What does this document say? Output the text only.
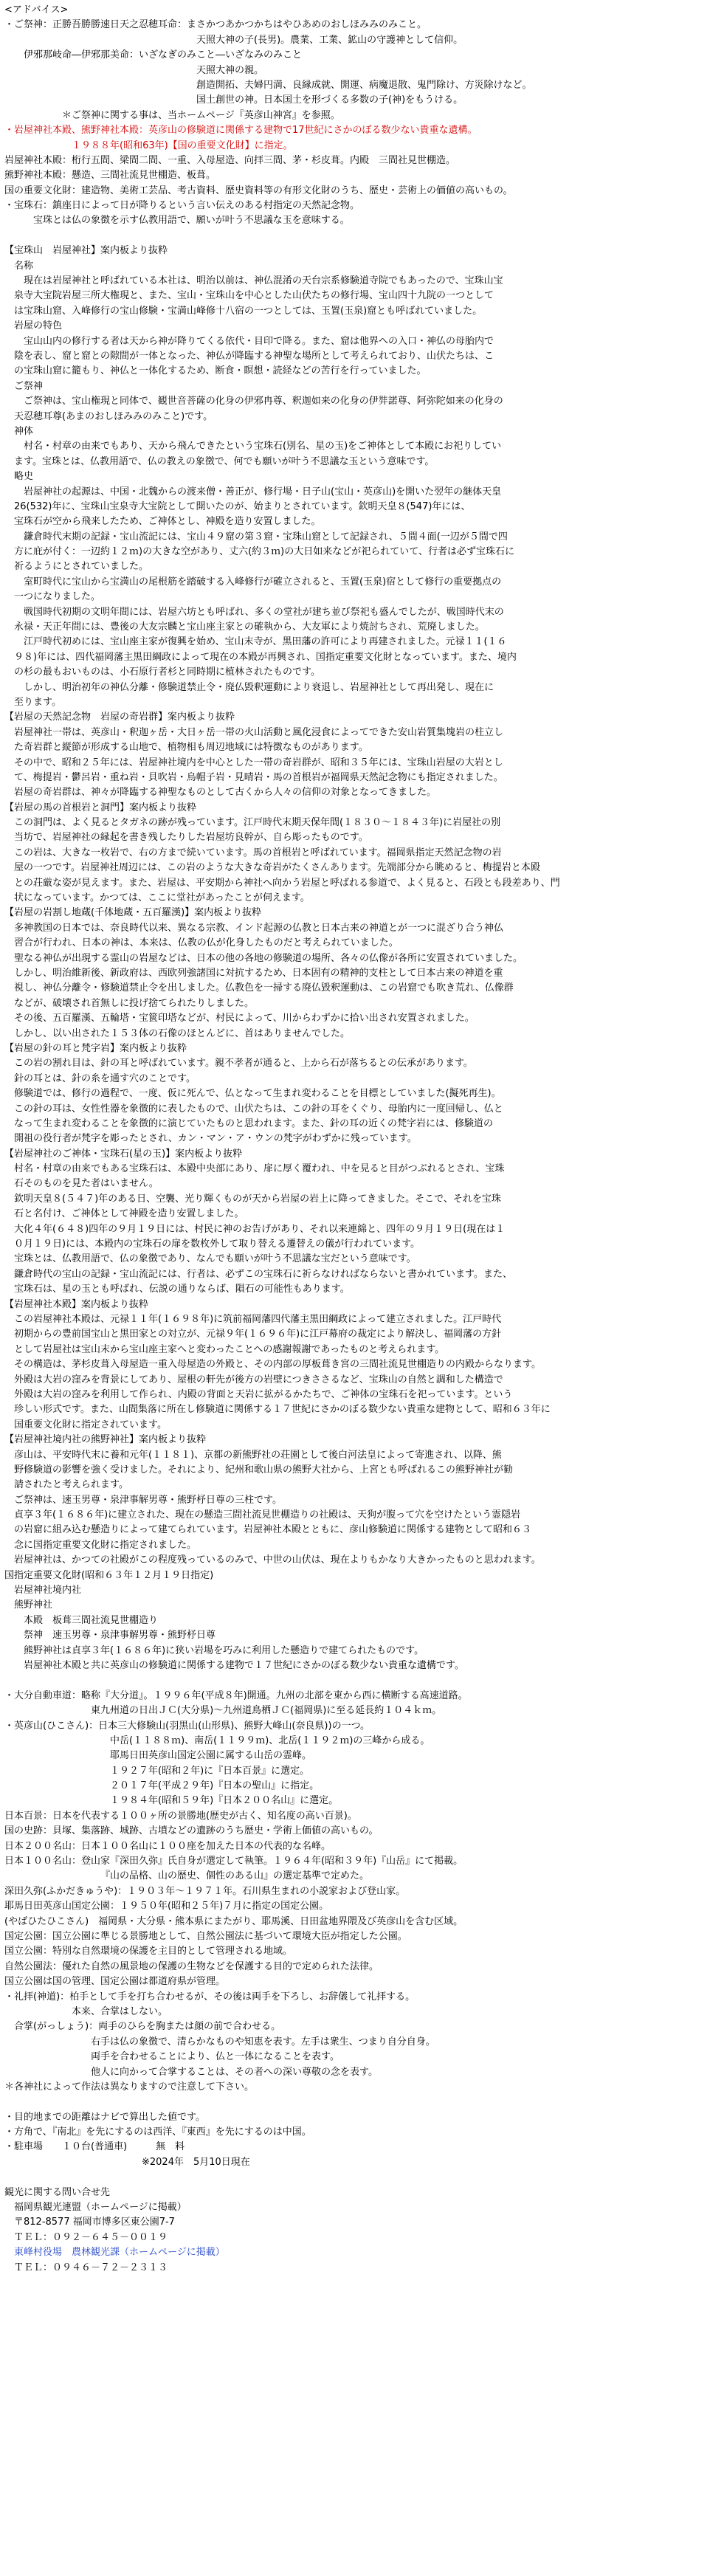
<アドバイス>
・ご祭神：正勝吾勝勝速日天之忍穂耳命：まさかつあかつかちはやひあめのおしほみみのみこと。
天照大神の子(長男)。農業、工業、鉱山の守護神として信仰。
伊邪那岐命―伊邪那美命：いざなぎのみこと―いざなみのみこと
天照大神の親。
創造開拓、夫婦円満、良縁成就、開運、病魔退散、鬼門除け、方災除けなど。
国土創世の神。日本国土を形づくる多数の子(神)をもうける。
＊ご祭神に関する事は、当ホームページ『英彦山神宮』を参照。
・岩屋神社本殿、熊野神社本殿：英彦山の修験道に関係する建物で17世紀にさかのぼる数少ない貴重な遺構。
１９８８年(昭和63年)【国の重要文化財】に指定。
岩屋神社本殿：桁行五間、梁間二間、一重、入母屋造、向拝三間、茅・杉皮葺。内殿　三間社見世棚造。
熊野神社本殿：懸造、三間社流見世棚造、板葺。
国の重要文化財：建造物、美術工芸品、考古資料、歴史資料等の有形文化財のうち、歴史・芸術上の価値の高いもの。
・宝珠石：鎮座日によって日が降りるという言い伝えのある村指定の天然記念物。
宝珠とは仏の象徴を示す仏教用語で、願いが叶う不思議な玉を意味する。
【宝珠山　岩屋神社】案内板より抜粋
名称
現在は岩屋神社と呼ばれている本社は、明治以前は、神仏混淆の天台宗系修験道寺院でもあったので、宝珠山宝
泉寺大宝院岩屋三所大権現と、また、宝山・宝珠山を中心とした山伏たちの修行場、宝山四十九院の一つとして
は宝珠山窟、入峰修行の宝山修験・宝満山峰修十八宿の一つとしては、玉置(玉泉)窟とも呼ばれていました。
岩屋の特色
宝山山内の修行する者は天から神が降りてくる依代・目印で降る。また、窟は他界への入口・神仏の母胎内で
陰を表し、窟と窟との隙間が一体となった、神仏が降臨する神聖な場所として考えられており、山伏たちは、こ
の宝珠山窟に籠もり、神仏と一体化するため、断食・瞑想・読経などの苦行を行っていました。
ご祭神
ご祭神は、宝山権現と同体で、観世音菩薩の化身の伊邪冉尊、釈迦如来の化身の伊弉諾尊、阿弥陀如来の化身の
天忍穂耳尊(あまのおしほみみのみこと)です。
神体
村名・村章の由来でもあり、天から飛んできたという宝珠石(別名、星の玉)をご神体として本殿にお祀りしてい
ます。宝珠とは、仏教用語で、仏の教えの象徴で、何でも願いが叶う不思議な玉という意味です。
略史
岩屋神社の起源は、中国・北魏からの渡来僧・善正が、修行場・日子山(宝山・英彦山)を開いた翌年の継体天皇
26(532)年に、宝珠山宝泉寺大宝院として開いたのが、始まりとされています。欽明天皇８(547)年には、
宝珠石が空から飛来したため、ご神体とし、神殿を造り安置しました。
鎌倉時代末期の記録・宝山流記には、宝山４９窟の第３窟・宝珠山窟として記録され、５間４面(一辺が５間で四
方に庇が付く：一辺約１２ｍ)の大きな空があり、丈六(約３ｍ)の大日如来などが祀られていて、行者は必ず宝珠石に
祈るようにとされていました。
室町時代に宝山から宝満山の尾根筋を踏破する入峰修行が確立されると、玉置(玉泉)宿として修行の重要拠点の
一つになりました。
戦国時代初期の文明年間には、岩屋六坊とも呼ばれ、多くの堂社が建ち並び祭祀も盛んでしたが、戦国時代末の
永禄・天正年間には、豊後の大友宗麟と宝山座主家との確執から、大友軍により焼討ちされ、荒廃しました。
江戸時代初めには、宝山座主家が復興を始め、宝山末寺が、黒田藩の許可により再建されました。元禄１１(１６
９８)年には、四代福岡藩主黒田綱政によって現在の本殿が再興され、国指定重要文化財となっています。また、境内
の杉の最もおいものは、小石原行者杉と同時期に植林されたものです。
しかし、明治初年の神仏分離・修験道禁止令・廃仏毀釈運動により衰退し、岩屋神社として再出発し、現在に
至ります。
【岩屋の天然記念物　岩屋の奇岩群】案内板より抜粋
岩屋神社一帯は、英彦山・釈迦ヶ岳・大日ヶ岳一帯の火山活動と風化浸食によってできた安山岩質集塊岩の柱立し
た奇岩群と縦節が形成する山地で、植物相も周辺地域には特徴なものがあります。
その中で、昭和２５年には、岩屋神社境内を中心とした一帯の奇岩群が、昭和３５年には、宝珠山岩屋の大岩とし
て、梅提岩・鬱呂岩・重ね岩・貝吹岩・烏帽子岩・見晴岩・馬の首根岩が福岡県天然記念物にも指定されました。
岩屋の奇岩群は、神々が降臨する神聖なものとして古くから人々の信仰の対象となってきました。
【岩屋の馬の首根岩と洞門】案内板より抜粋
この洞門は、よく見るとタガネの跡が残っています。江戸時代末期天保年間(１８３０～１８４３年)に岩屋社の別
当坊で、岩屋神社の縁起を書き残したりした岩屋坊良幹が、自ら彫ったものです。
この岩は、大きな一枚岩で、右の方まで続いています。馬の首根岩と呼ばれています。福岡県指定天然記念物の岩
屋の一つです。岩屋神社周辺には、この岩のような大きな奇岩がたくさんあります。先端部分から眺めると、梅提岩と本殿
との荘厳な姿が見えます。また、岩屋は、平安期から神社へ向かう岩屋と呼ばれる参道で、よく見ると、石段とも段差あり、門
状になっています。かつては、ここに堂社があったことが伺えます。
【岩屋の岩割し地蔵(千体地蔵・五百羅漢)】案内板より抜粋
多神教国の日本では、奈良時代以来、異なる宗教、インド起源の仏教と日本古来の神道とが一つに混ざり合う神仏
習合が行われ、日本の神は、本来は、仏教の仏が化身したものだと考えられていました。
聖なる神仏が出現する霊山の岩屋などは、日本の他の各地の修験道の場所、各々の仏像が各所に安置されていました。
しかし、明治維新後、新政府は、西欧列強諸国に対抗するため、日本固有の精神的支柱として日本古来の神道を重
視し、神仏分離令・修験道禁止令を出しました。仏教色を一掃する廃仏毀釈運動は、この岩窟でも吹き荒れ、仏像群
などが、破壊され首無しに投げ捨てられたりしました。
その後、五百羅漢、五輪塔・宝篋印塔などが、村民によって、川からわずかに拾い出され安置されました。
しかし、以い出された１５３体の石像のほとんどに、首はありませんでした。
【岩屋の針の耳と梵字岩】案内板より抜粋
この岩の割れ目は、針の耳と呼ばれています。親不孝者が通ると、上から石が落ちるとの伝承があります。
針の耳とは、針の糸を通す穴のことです。
修験道では、修行の過程で、一度、仮に死んで、仏となって生まれ変わることを目標としていました(擬死再生)。
この針の耳は、女性性器を象徴的に表したもので、山伏たちは、この針の耳をくぐり、母胎内に一度回帰し、仏と
なって生まれ変わることを象徴的に演じていたものと思われます。また、針の耳の近くの梵字岩には、修験道の
開祖の役行者が梵字を彫ったとされ、カン・マン・ア・ウンの梵字がわずかに残っています。
【岩屋神社のご神体・宝珠石(星の玉)】案内板より抜粋
村名・村章の由来でもある宝珠石は、本殿中央部にあり、扉に厚く覆われ、中を見ると目がつぶれるとされ、宝珠
石そのものを見た者はいません。
欽明天皇８(５４７)年のある日、空襲、光り輝くものが天から岩屋の岩上に降ってきました。そこで、それを宝珠
石と名付け、ご神体として神殿を造り安置しました。
大化４年(６４８)四年の９月１９日には、村民に神のお告げがあり、それ以来連綿と、四年の９月１９日(現在は１
０月１９日)には、本殿内の宝珠石の扉を数枚外して取り替える遷替えの儀が行われています。
宝珠とは、仏教用語で、仏の象徴であり、なんでも願いが叶う不思議な宝だという意味です。
鎌倉時代の宝山の記録・宝山流記には、行者は、必ずこの宝珠石に祈らなければならないと書かれています。また、
宝珠石は、星の玉とも呼ばれ、伝説の通りならば、隕石の可能性もあります。
【岩屋神社本殿】案内板より抜粋
この岩屋神社本殿は、元禄１１年(１６９８年)に筑前福岡藩四代藩主黒田綱政によって建立されました。江戸時代
初期からの豊前国宝山と黒田家との対立が、元禄９年(１６９６年)に江戸幕府の裁定により解決し、福岡藩の方針
として岩屋社は宝山末から宝山座主家へと変わったことへの感謝報謝であったものと考えられます。
その構造は、茅杉皮葺入母屋造一重入母屋造の外殿と、その内部の厚板葺き宮の三間社流見世棚造りの内殿からなります。
外殿は大岩の窪みを背景にしてあり、屋根の軒先が後方の岩壁につきささるなど、宝珠山の自然と調和した構造で
外殿は大岩の窪みを利用して作られ、内殿の背面と天岩に拡がるかたちで、ご神体の宝珠石を祀っています。という
珍しい形式です。また、山間集落に所在し修験道に関係する１７世紀にさかのぼる数少ない貴重な建物として、昭和６３年に
国重要文化財に指定されています。
【岩屋神社境内社の熊野神社】案内板より抜粋
彦山は、平安時代末に養和元年(１１８１)、京都の新熊野社の荘園として後白河法皇によって寄進され、以降、熊
野修験道の影響を強く受けました。それにより、紀州和歌山県の熊野大社から、上宮とも呼ばれるこの熊野神社が勧
請されたと考えられます。
ご祭神は、速玉男尊・泉津事解男尊・熊野杼日尊の三柱です。
貞享３年(１６８６年)に建立された、現在の懸造三間社流見世棚造りの社殿は、天狗が腹って穴を空けたという霊隠岩
の岩窟に組み込む懸造りによって建てられています。岩屋神社本殿とともに、彦山修験道に関係する建物として昭和６３
念に国指定重要文化財に指定されました。
岩屋神社は、かつての社殿がこの程度残っているのみで、中世の山伏は、現在よりもかなり大きかったものと思われます。
国指定重要文化財(昭和６３年１２月１９日指定)
岩屋神社境内社
熊野神社
本殿　板葺三間社流見世棚造り
祭神　速玉男尊・泉津事解男尊・熊野杼日尊
熊野神社は貞享３年(１６８６年)に狭い岩場を巧みに利用した懸造りで建てられたものです。
岩屋神社本殿と共に英彦山の修験道に関係する建物で１７世紀にさかのぼる数少ない貴重な遺構です。
・大分自動車道：略称『大分道』。１９９６年(平成８年)開通。九州の北部を東から西に横断する高速道路。
東九州道の日出ＪＣ(大分県)～九州道鳥栖ＪＣ(福岡県)に至る延長約１０４ｋｍ。
・英彦山(ひこさん)：日本三大修験山(羽黒山(山形県)、熊野大峰山(奈良県))の一つ。
中岳(１１８８ｍ)、南岳(１１９９ｍ)、北岳(１１９２ｍ)の三峰から成る。
耶馬日田英彦山国定公園に属する山岳の霊峰。
１９２７年(昭和２年)に『日本百景』に選定。
２０１７年(平成２９年)『日本の聖山』に指定。
１９８４年(昭和５９年)『日本２００名山』に選定。
日本百景：日本を代表する１００ヶ所の景勝地(歴史が古く、知名度の高い百景)。
国の史跡：貝塚、集落跡、城跡、古墳などの遺跡のうち歴史・学術上価値の高いもの。
日本２００名山：日本１００名山に１００座を加えた日本の代表的な名峰。
日本１００名山：登山家『深田久弥』氏自身が選定して執筆。１９６４年(昭和３９年)『山岳』にて掲載。
『山の品格、山の歴史、個性のある山』の選定基準で定めた。
深田久弥(ふかだきゅうや)：１９０３年～１９７１年。石川県生まれの小説家および登山家。
耶馬日田英彦山国定公園：１９５０年(昭和２５年)７月に指定の国定公園。
(やばひたひこさん)　福岡県・大分県・熊本県にまたがり、耶馬溪、日田盆地界隈及び英彦山を含む区域。
国定公園：国立公園に準じる景勝地として、自然公園法に基づいて環境大臣が指定した公園。
国立公園：特別な自然環境の保護を主目的として管理される地域。
自然公園法：優れた自然の風景地の保護の生物などを保護する目的で定められた法律。
国立公園は国の管理、国定公園は都道府県が管理。
・礼拝(神道)：柏手として手を打ち合わせるが、その後は両手を下ろし、お辞儀して礼拝する。
本来、合掌はしない。
合掌(がっしょう)：両手のひらを胸または顔の前で合わせる。
右手は仏の象徴で、清らかなものや知恵を表す。左手は衆生、つまり自分自身。
両手を合わせることにより、仏と一体になることを表す。
他人に向かって合掌することは、その者への深い尊敬の念を表す。
＊各神社によって作法は異なりますので注意して下さい。
・目的地までの距離はナビで算出した値です。
・方角で、『南北』を先にするのは西洋、『東西』を先にするのは中国。
・駐車場　　１０台(普通車)　　　無　料
※2024年　5月10日現在
観光に関する問い合せ先
福岡県観光連盟（ホームページに掲載）
〒812-8577 福岡市博多区東公園7-7
ＴＥＬ：０９２－６４５－００１９
東峰村役場　農林観光課（ホームページに掲載）
ＴＥＬ：０９４６－７２－２３１３
